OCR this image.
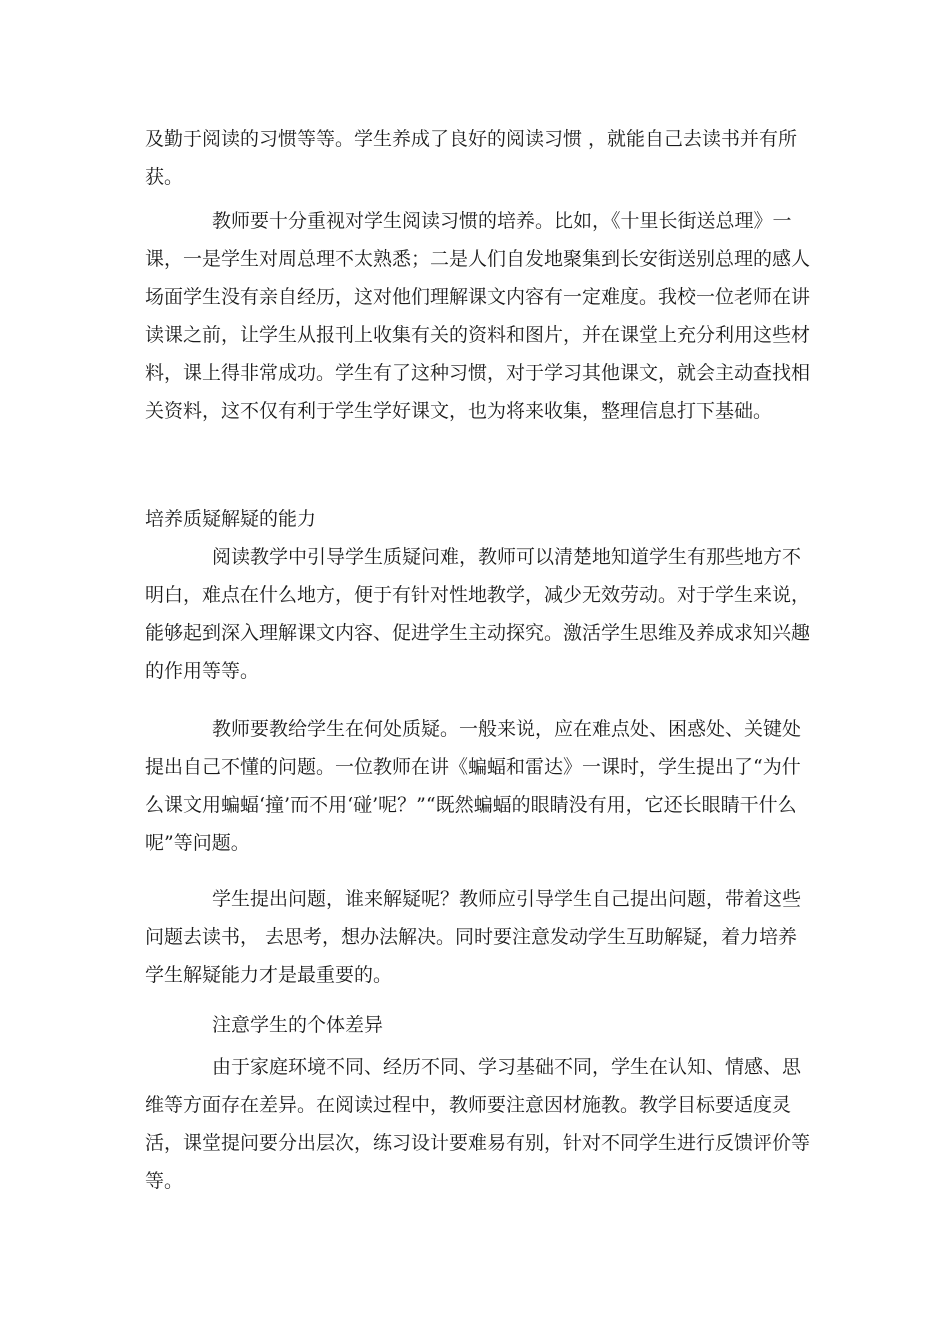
及勤于阅读的习惯等等。学生养成了良好的阅读习惯 ，就能自己去读书并有所获。

教师要十分重视对学生阅读习惯的培养。比如，《十里长街送总理》一课，一是学生对周总理不太熟悉；二是人们自发地聚集到长安街送别总理的感人场面学生没有亲自经历，这对他们理解课文内容有一定难度。我校一位老师在讲读课之前，让学生从报刊上收集有关的资料和图片，并在课堂上充分利用这些材料，课上得非常成功。学生有了这种习惯，对于学习其他课文，就会主动查找相关资料，这不仅有利于学生学好课文，也为将来收集，整理信息打下基础。

培养质疑解疑的能力

阅读教学中引导学生质疑问难，教师可以清楚地知道学生有那些地方不明白，难点在什么地方，便于有针对性地教学，减少无效劳动。对于学生来说，能够起到深入理解课文内容、促进学生主动探究。激活学生思维及养成求知兴趣的作用等等。

教师要教给学生在何处质疑。一般来说，应在难点处、困惑处、关键处提出自己不懂的问题。一位教师在讲《蝙蝠和雷达》一课时，学生提出了“为什么课文用蝙蝠‘撞’而不用‘碰’呢？”“既然蝙蝠的眼睛没有用，它还长眼睛干什么呢”等问题。

学生提出问题，谁来解疑呢？教师应引导学生自己提出问题，带着这些问题去读书， 去思考，想办法解决。同时要注意发动学生互助解疑，着力培养学生解疑能力才是最重要的。

注意学生的个体差异

由于家庭环境不同、经历不同、学习基础不同，学生在认知、情感、思维等方面存在差异。在阅读过程中，教师要注意因材施教。教学目标要适度灵活，课堂提问要分出层次，练习设计要难易有别，针对不同学生进行反馈评价等等。
